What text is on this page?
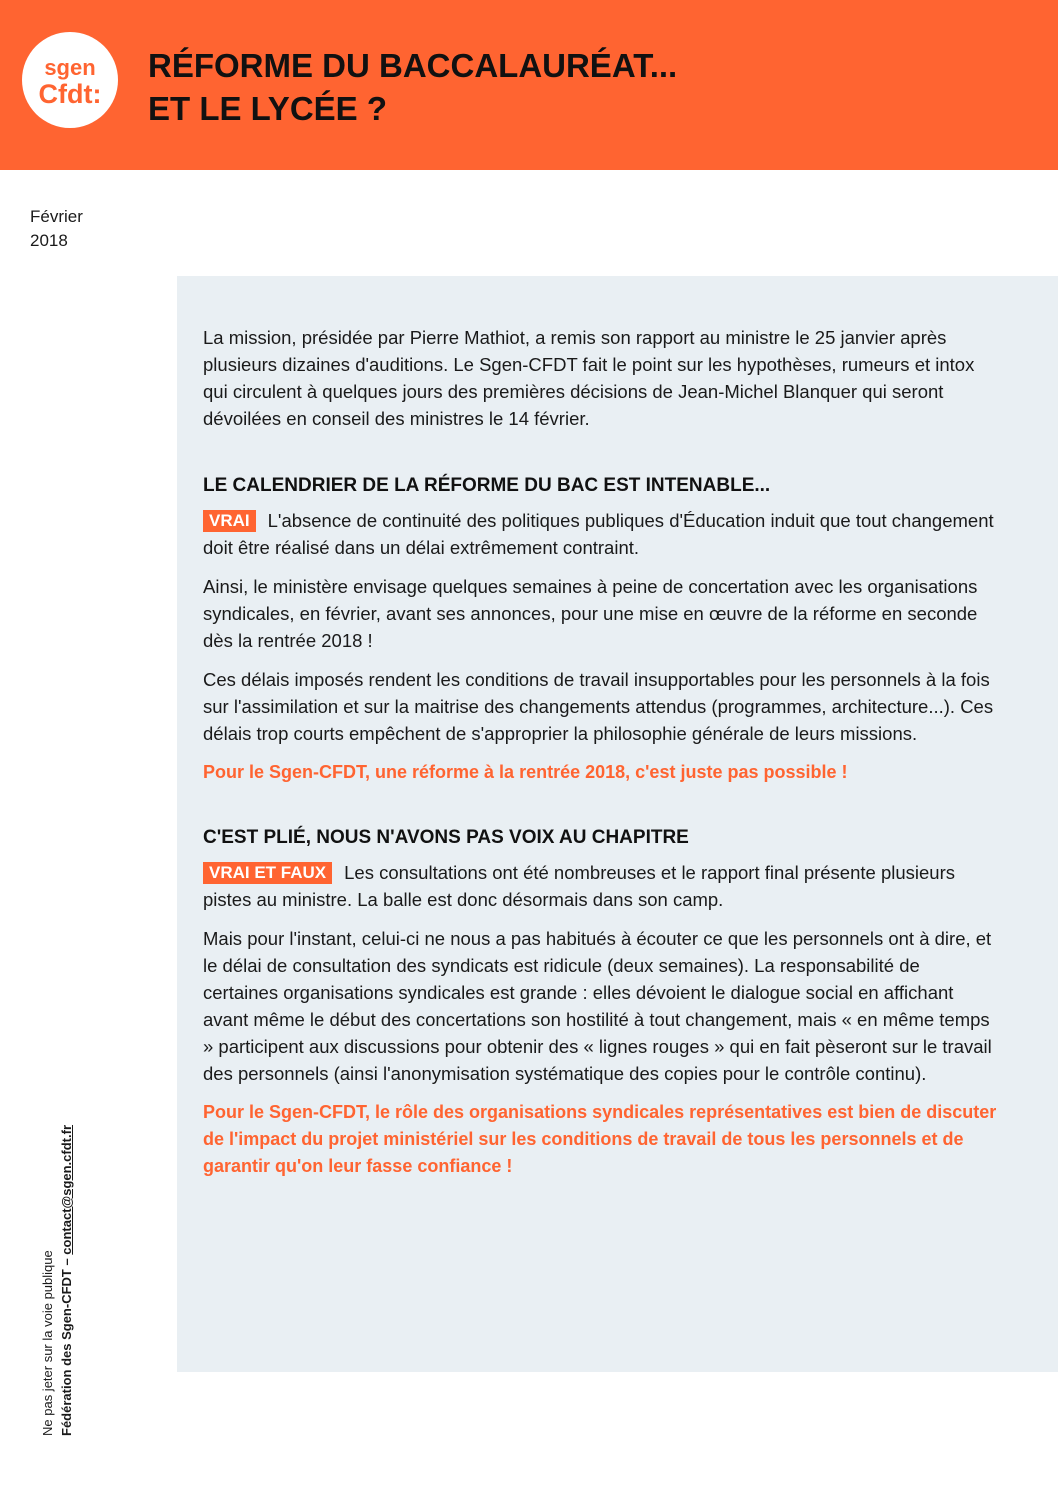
sgen
Cfdt:
RÉFORME DU BACCALAURÉAT...
ET LE LYCÉE ?
Février
2018

La mission, présidée par Pierre Mathiot, a remis son rapport au ministre le 25 janvier après plusieurs dizaines d'auditions. Le Sgen-CFDT fait le point sur les hypothèses, rumeurs et intox qui circulent à quelques jours des premières décisions de Jean-Michel Blanquer qui seront dévoilées en conseil des ministres le 14 février.

LE CALENDRIER DE LA RÉFORME DU BAC EST INTENABLE...

VRAI L'absence de continuité des politiques publiques d'Éducation induit que tout changement doit être réalisé dans un délai extrêmement contraint.

Ainsi, le ministère envisage quelques semaines à peine de concertation avec les organisations syndicales, en février, avant ses annonces, pour une mise en œuvre de la réforme en seconde dès la rentrée 2018 !

Ces délais imposés rendent les conditions de travail insupportables pour les personnels à la fois sur l'assimilation et sur la maitrise des changements attendus (programmes, architecture...). Ces délais trop courts empêchent de s'approprier la philosophie générale de leurs missions.

Pour le Sgen-CFDT, une réforme à la rentrée 2018, c'est juste pas possible !

C'EST PLIÉ, NOUS N'AVONS PAS VOIX AU CHAPITRE

VRAI ET FAUX Les consultations ont été nombreuses et le rapport final présente plusieurs pistes au ministre. La balle est donc désormais dans son camp.

Mais pour l'instant, celui-ci ne nous a pas habitués à écouter ce que les personnels ont à dire, et le délai de consultation des syndicats est ridicule (deux semaines). La responsabilité de certaines organisations syndicales est grande : elles dévoient le dialogue social en affichant avant même le début des concertations son hostilité à tout changement, mais « en même temps » participent aux discussions pour obtenir des « lignes rouges » qui en fait pèseront sur le travail des personnels (ainsi l'anonymisation systématique des copies pour le contrôle continu).

Pour le Sgen-CFDT, le rôle des organisations syndicales représentatives est bien de discuter de l'impact du projet ministériel sur les conditions de travail de tous les personnels et de garantir qu'on leur fasse confiance !

Ne pas jeter sur la voie publique Fédération des Sgen-CFDT – contact@sgen.cfdt.fr
